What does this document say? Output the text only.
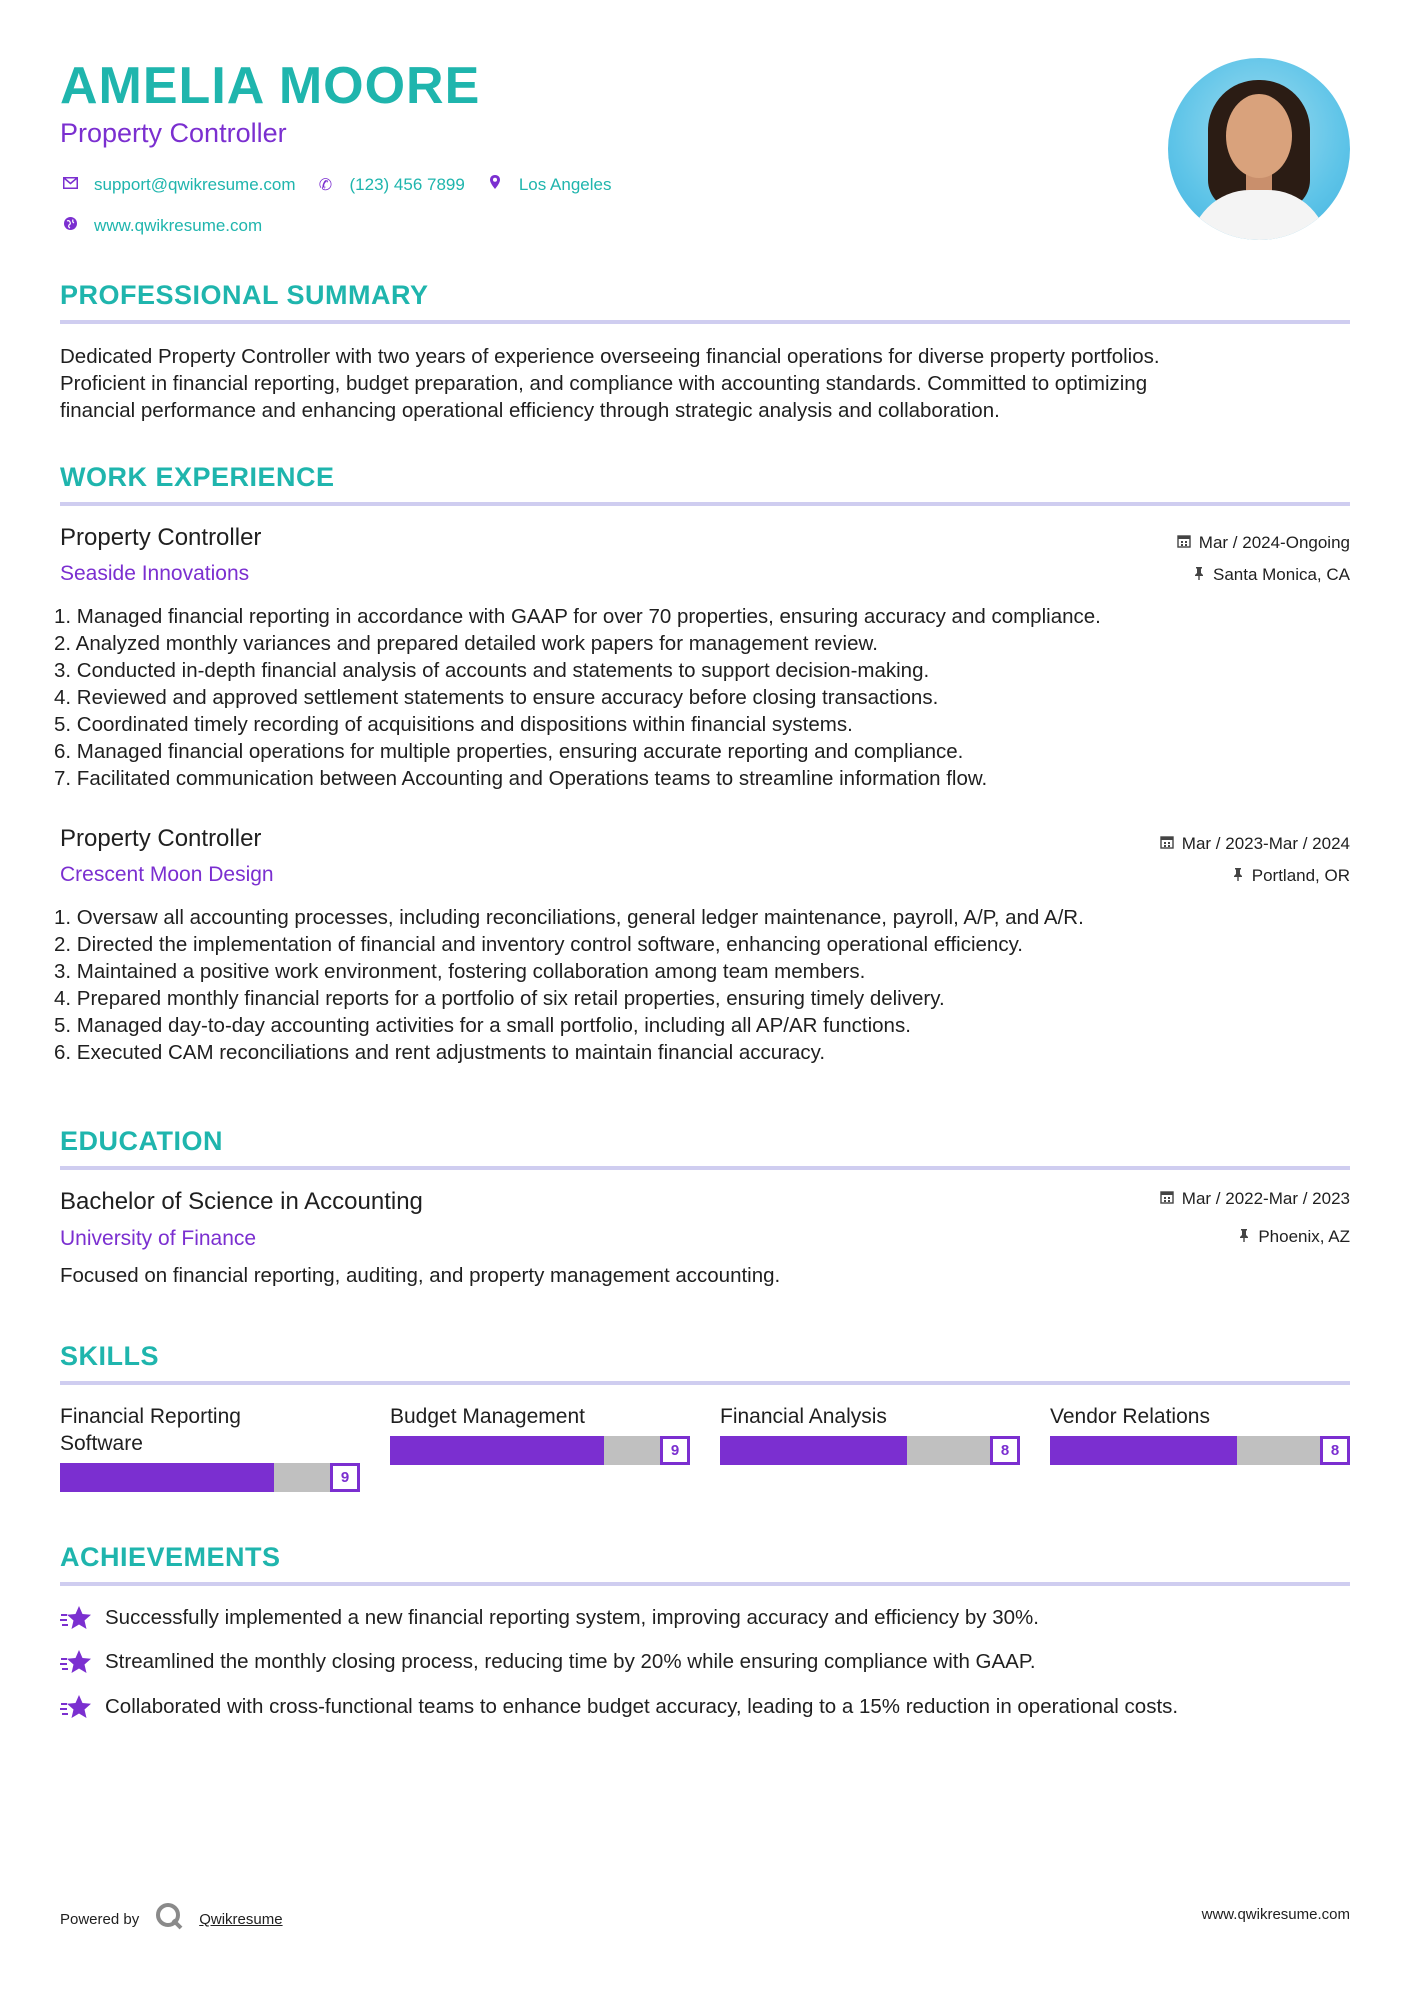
AMELIA MOORE
Property Controller
support@qwikresume.com ✆ (123) 456 7899	Los Angeles
www.qwikresume.com
PROFESSIONAL SUMMARY
Dedicated Property Controller with two years of experience overseeing financial operations for diverse property portfolios.
Proficient in financial reporting, budget preparation, and compliance with accounting standards. Committed to optimizing
financial performance and enhancing operational efficiency through strategic analysis and collaboration.
WORK EXPERIENCE
Property Controller
Seaside Innovations
Mar / 2024-Ongoing
Santa Monica, CA
1. Managed financial reporting in accordance with GAAP for over 70 properties, ensuring accuracy and compliance.
2. Analyzed monthly variances and prepared detailed work papers for management review.
3. Conducted in-depth financial analysis of accounts and statements to support decision-making.
4. Reviewed and approved settlement statements to ensure accuracy before closing transactions.
5. Coordinated timely recording of acquisitions and dispositions within financial systems.
6. Managed financial operations for multiple properties, ensuring accurate reporting and compliance.
7. Facilitated communication between Accounting and Operations teams to streamline information flow.
Property Controller
Crescent Moon Design
Mar / 2023-Mar / 2024
Portland, OR
1. Oversaw all accounting processes, including reconciliations, general ledger maintenance, payroll, A/P, and A/R.
2. Directed the implementation of financial and inventory control software, enhancing operational efficiency.
3. Maintained a positive work environment, fostering collaboration among team members.
4. Prepared monthly financial reports for a portfolio of six retail properties, ensuring timely delivery.
5. Managed day-to-day accounting activities for a small portfolio, including all AP/AR functions.
6. Executed CAM reconciliations and rent adjustments to maintain financial accuracy.
EDUCATION
Bachelor of Science in Accounting
University of Finance
Mar / 2022-Mar / 2023
Phoenix, AZ
Focused on financial reporting, auditing, and property management accounting.
SKILLS
Financial Reporting
Software
9
Budget Management
9
Financial Analysis
8
Vendor Relations
8
ACHIEVEMENTS
Successfully implemented a new financial reporting system, improving accuracy and efficiency by 30%.
Streamlined the monthly closing process, reducing time by 20% while ensuring compliance with GAAP.
Collaborated with cross-functional teams to enhance budget accuracy, leading to a 15% reduction in operational costs.
Powered by	Qwikresume	www.qwikresume.com
